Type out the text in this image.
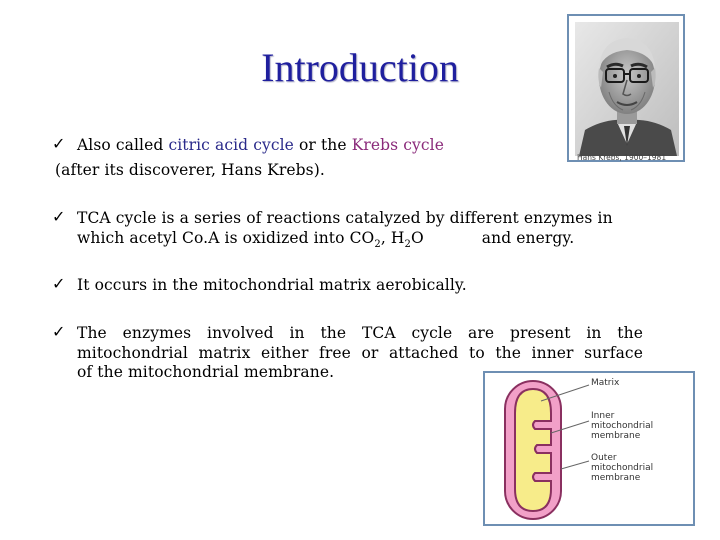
Introduction
✓ Also called citric acid cycle or the Krebs cycle
(after its discoverer, Hans Krebs).
✓ TCA cycle is a series of reactions catalyzed by different enzymes in
which acetyl Co.A is oxidized into $CO_2$, $H_2O$	and energy.
✓ It occurs in the mitochondrial matrix aerobically.
✓ The enzymes involved in the TCA cycle are present in the
mitochondrial matrix either free or attached to the inner surface
of the mitochondrial membrane.
Hans Krebs, 1900–1981
Matrix
Inner
mitochondrial
membrane
Outer
mitochondrial
membrane
